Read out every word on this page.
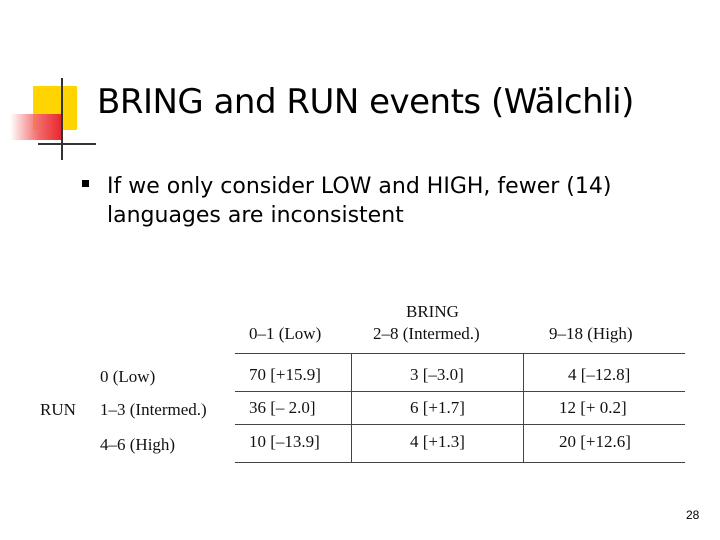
BRING and RUN events (Wälchli)
If we only consider LOW and HIGH, fewer (14) languages are inconsistent
BRING
0–1 (Low)	2–8 (Intermed.)	9–18 (High)
RUN
0 (Low)	70 [+15.9]	3 [–3.0]	4 [–12.8]
1–3 (Intermed.) 36 [– 2.0]	6 [+1.7]	12 [+ 0.2]
4–6 (High)	10 [–13.9]	4 [+1.3]	20 [+12.6]
28
